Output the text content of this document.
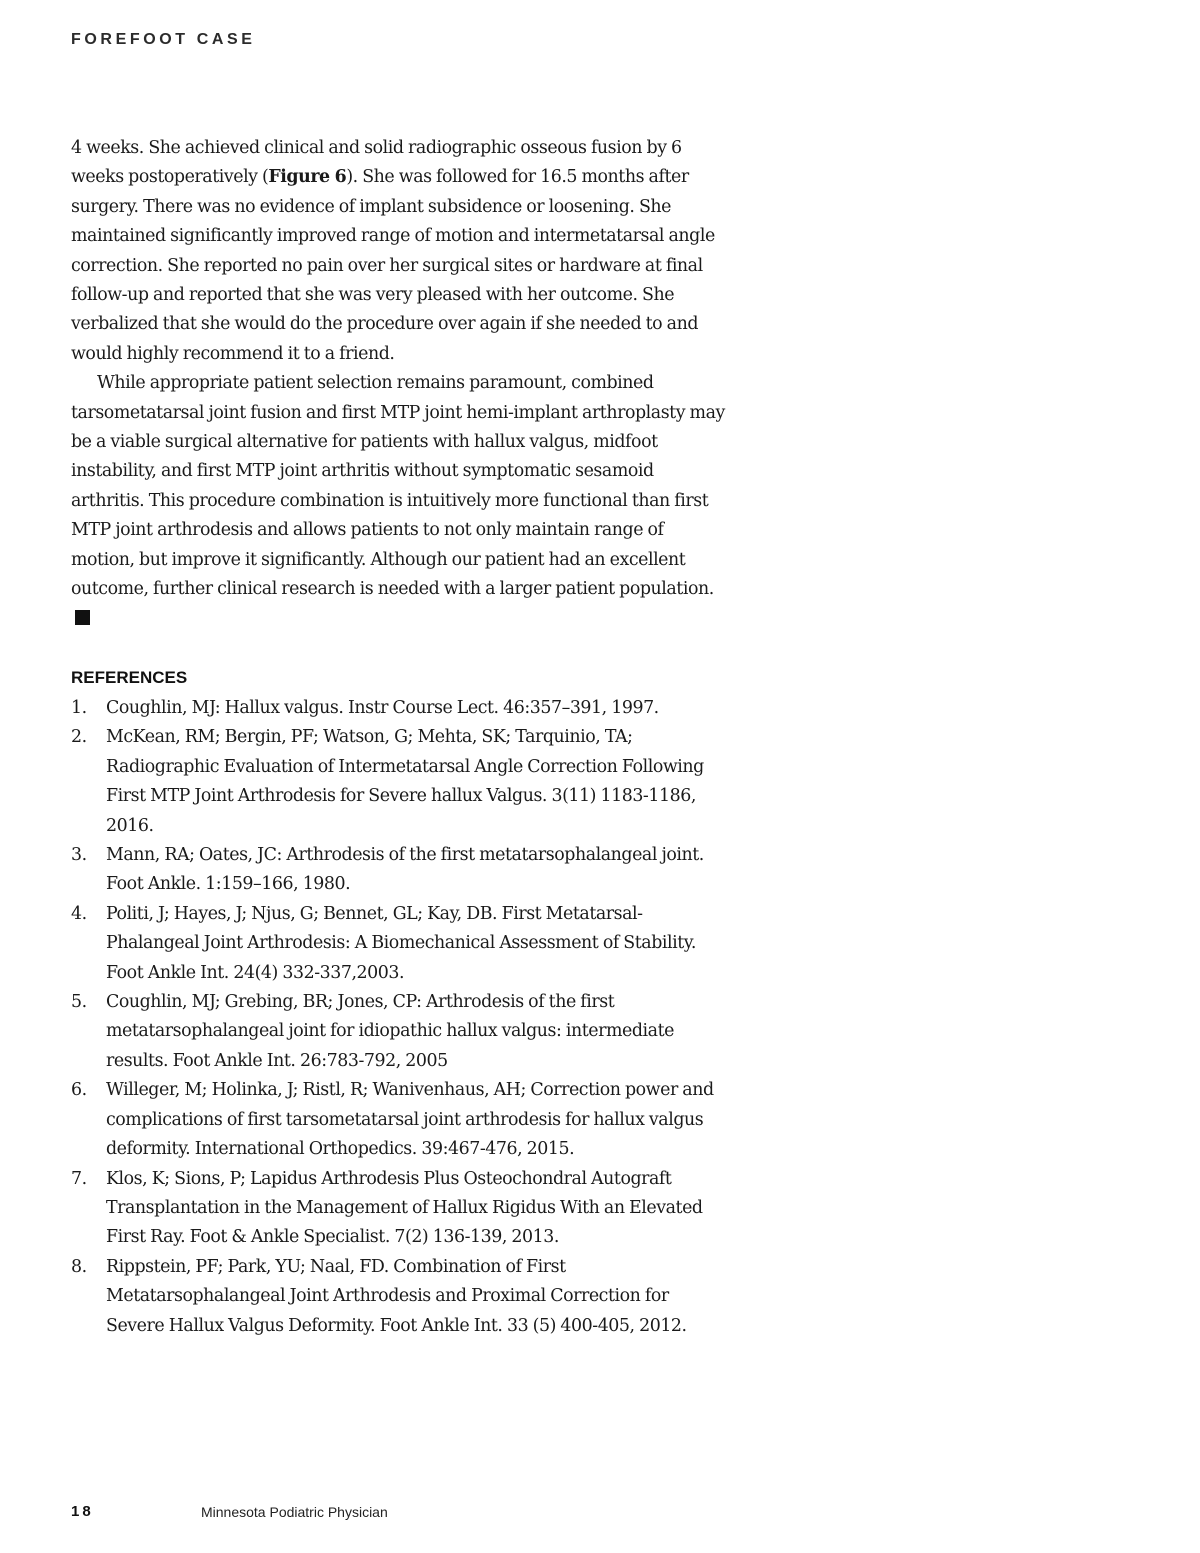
FOREFOOT CASE

4 weeks. She achieved clinical and solid radiographic osseous fusion by 6 weeks postoperatively (Figure 6). She was followed for 16.5 months after surgery. There was no evidence of implant subsidence or loosening. She maintained significantly improved range of motion and intermetatarsal angle correction. She reported no pain over her surgical sites or hardware at final follow-up and reported that she was very pleased with her outcome. She verbalized that she would do the procedure over again if she needed to and would highly recommend it to a friend.

While appropriate patient selection remains paramount, combined tarsometatarsal joint fusion and first MTP joint hemi-implant arthroplasty may be a viable surgical alternative for patients with hallux valgus, midfoot instability, and first MTP joint arthritis without symptomatic sesamoid arthritis. This procedure combination is intuitively more functional than first MTP joint arthrodesis and allows patients to not only maintain range of motion, but improve it significantly. Although our patient had an excellent outcome, further clinical research is needed with a larger patient population.

REFERENCES
1.	Coughlin, MJ: Hallux valgus. Instr Course Lect. 46:357–391, 1997.
2.	McKean, RM; Bergin, PF; Watson, G; Mehta, SK; Tarquinio, TA; Radiographic Evaluation of Intermetatarsal Angle Correction Following First MTP Joint Arthrodesis for Severe hallux Valgus. 3(11) 1183-1186, 2016.
3.	Mann, RA; Oates, JC: Arthrodesis of the first metatarsophalangeal joint. Foot Ankle. 1:159–166, 1980.
4.	Politi, J; Hayes, J; Njus, G; Bennet, GL; Kay, DB. First Metatarsal-Phalangeal Joint Arthrodesis: A Biomechanical Assessment of Stability. Foot Ankle Int. 24(4) 332-337,2003.
5.	Coughlin, MJ; Grebing, BR; Jones, CP: Arthrodesis of the first metatarsophalangeal joint for idiopathic hallux valgus: intermediate results. Foot Ankle Int. 26:783-792, 2005
6.	Willeger, M; Holinka, J; Ristl, R; Wanivenhaus, AH; Correction power and complications of first tarsometatarsal joint arthrodesis for hallux valgus deformity. International Orthopedics. 39:467-476, 2015.
7.	Klos, K; Sions, P; Lapidus Arthrodesis Plus Osteochondral Autograft Transplantation in the Management of Hallux Rigidus With an Elevated First Ray. Foot & Ankle Specialist. 7(2) 136-139, 2013.
8.	Rippstein, PF; Park, YU; Naal, FD. Combination of First Metatarsophalangeal Joint Arthrodesis and Proximal Correction for Severe Hallux Valgus Deformity. Foot Ankle Int. 33 (5) 400-405, 2012.
18	Minnesota Podiatric Physician
